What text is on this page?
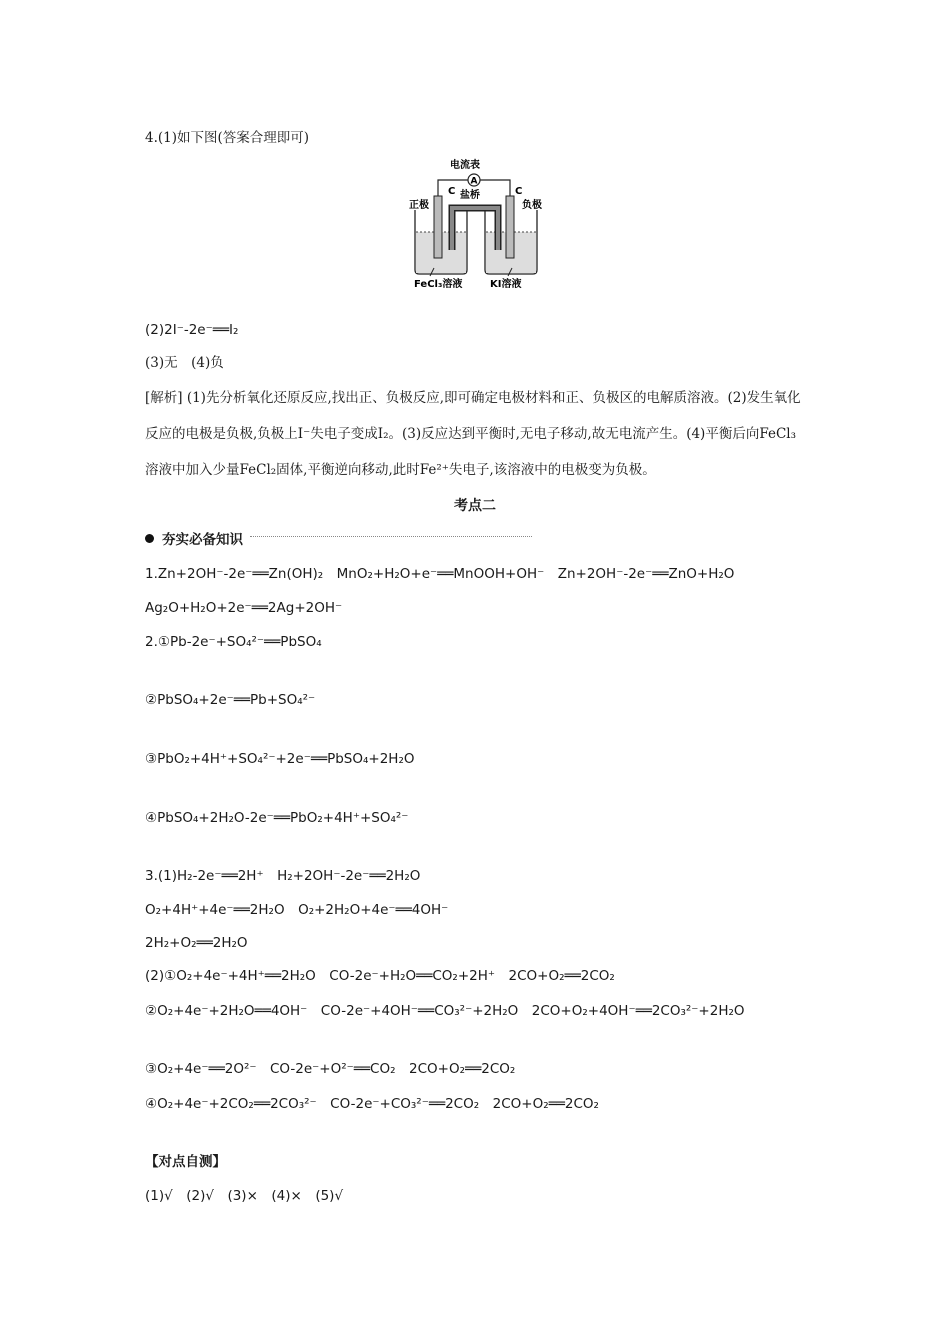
4.(1)如下图(答案合理即可)
电流表
A
C	C
盐桥
正极	负极
FeCl₃溶液	KI溶液
(2)2I⁻-2e⁻══I₂
(3)无　(4)负
[解析] (1)先分析氧化还原反应,找出正、负极反应,即可确定电极材料和正、负极区的电解质溶液。(2)发生氧化反应的电极是负极,负极上I⁻失电子变成I₂。(3)反应达到平衡时,无电子移动,故无电流产生。(4)平衡后向FeCl₃溶液中加入少量FeCl₂固体,平衡逆向移动,此时Fe²⁺失电子,该溶液中的电极变为负极。
考点二
夯实必备知识
1.Zn+2OH⁻-2e⁻══Zn(OH)₂　MnO₂+H₂O+e⁻══MnOOH+OH⁻　Zn+2OH⁻-2e⁻══ZnO+H₂O
Ag₂O+H₂O+2e⁻══2Ag+2OH⁻
2.①Pb-2e⁻+SO₄²⁻══PbSO₄
②PbSO₄+2e⁻══Pb+SO₄²⁻
③PbO₂+4H⁺+SO₄²⁻+2e⁻══PbSO₄+2H₂O
④PbSO₄+2H₂O-2e⁻══PbO₂+4H⁺+SO₄²⁻
3.(1)H₂-2e⁻══2H⁺　H₂+2OH⁻-2e⁻══2H₂O
O₂+4H⁺+4e⁻══2H₂O　O₂+2H₂O+4e⁻══4OH⁻
2H₂+O₂══2H₂O
(2)①O₂+4e⁻+4H⁺══2H₂O　CO-2e⁻+H₂O══CO₂+2H⁺　2CO+O₂══2CO₂
②O₂+4e⁻+2H₂O══4OH⁻　CO-2e⁻+4OH⁻══CO₃²⁻+2H₂O　2CO+O₂+4OH⁻══2CO₃²⁻+2H₂O
③O₂+4e⁻══2O²⁻　CO-2e⁻+O²⁻══CO₂　2CO+O₂══2CO₂
④O₂+4e⁻+2CO₂══2CO₃²⁻　CO-2e⁻+CO₃²⁻══2CO₂　2CO+O₂══2CO₂
【对点自测】
(1)√　(2)√　(3)×　(4)×　(5)√
